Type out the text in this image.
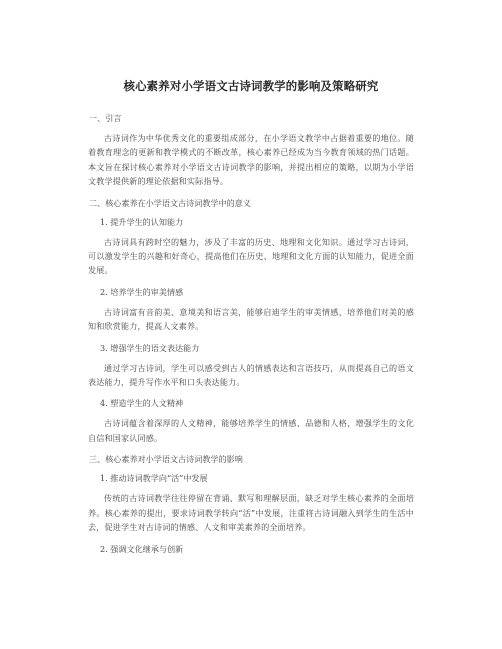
核心素养对小学语文古诗词教学的影响及策略研究
一、引言
古诗词作为中华优秀文化的重要组成部分，在小学语文教学中占据着重要的地位。随着教育理念的更新和教学模式的不断改革，核心素养已经成为当今教育领域的热门话题。本文旨在探讨核心素养对小学语文古诗词教学的影响，并提出相应的策略，以期为小学语文教学提供新的理论依据和实际指导。
二、核心素养在小学语文古诗词教学中的意义
1. 提升学生的认知能力
古诗词具有跨时空的魅力，涉及了丰富的历史、地理和文化知识。通过学习古诗词，可以激发学生的兴趣和好奇心，提高他们在历史、地理和文化方面的认知能力，促进全面发展。
2. 培养学生的审美情感
古诗词富有音韵美、意境美和语言美，能够启迪学生的审美情感，培养他们对美的感知和欣赏能力，提高人文素养。
3. 增强学生的语文表达能力
通过学习古诗词，学生可以感受到古人的情感表达和言语技巧，从而提高自己的语文表达能力，提升写作水平和口头表达能力。
4. 塑造学生的人文精神
古诗词蕴含着深厚的人文精神，能够培养学生的情感、品德和人格，增强学生的文化自信和国家认同感。
三、核心素养对小学语文古诗词教学的影响
1. 推动诗词教学向“活”中发展
传统的古诗词教学往往停留在背诵、默写和理解层面，缺乏对学生核心素养的全面培养。核心素养的提出，要求诗词教学转向“活”中发展，注重将古诗词融入到学生的生活中去，促进学生对古诗词的情感、人文和审美素养的全面培养。
2. 强调文化继承与创新
